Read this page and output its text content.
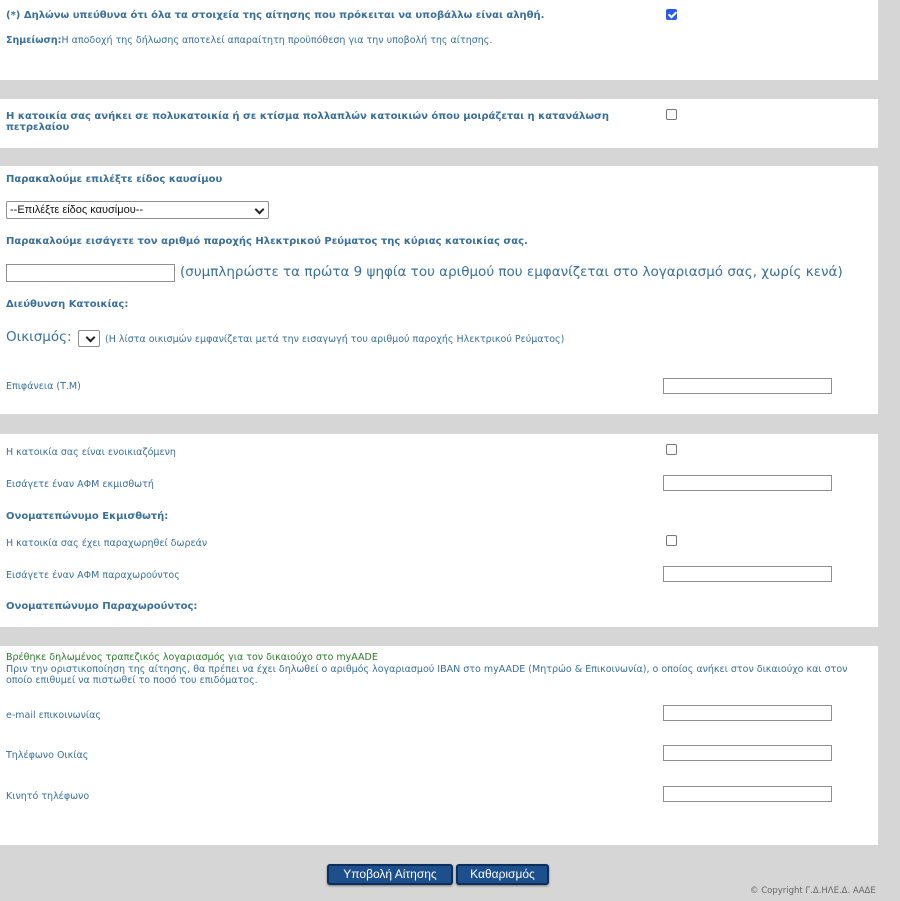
(*) Δηλώνω υπεύθυνα ότι όλα τα στοιχεία της αίτησης που πρόκειται να υποβάλλω είναι αληθή.
Σημείωση:Η αποδοχή της δήλωσης αποτελεί απαραίτητη προϋπόθεση για την υποβολή της αίτησης.
Η κατοικία σας ανήκει σε πολυκατοικία ή σε κτίσμα πολλαπλών κατοικιών όπου μοιράζεται η κατανάλωση πετρελαίου
Παρακαλούμε επιλέξτε είδος καυσίμου
--Επιλέξτε είδος καυσίμου--
Παρακαλούμε εισάγετε τον αριθμό παροχής Ηλεκτρικού Ρεύματος της κύριας κατοικίας σας.
(συμπληρώστε τα πρώτα 9 ψηφία του αριθμού που εμφανίζεται στο λογαριασμό σας, χωρίς κενά)
Διεύθυνση Κατοικίας:
Οικισμός:	(Η λίστα οικισμών εμφανίζεται μετά την εισαγωγή του αριθμού παροχής Ηλεκτρικού Ρεύματος)
Επιφάνεια (Τ.Μ)
Η κατοικία σας είναι ενοικιαζόμενη
Εισάγετε έναν ΑΦΜ εκμισθωτή
Ονοματεπώνυμο Εκμισθωτή:
Η κατοικία σας έχει παραχωρηθεί δωρεάν
Εισάγετε έναν ΑΦΜ παραχωρούντος
Ονοματεπώνυμο Παραχωρούντος:
Βρέθηκε δηλωμένος τραπεζικός λογαριασμός για τον δικαιούχο στο myAADE
Πριν την οριστικοποίηση της αίτησης, θα πρέπει να έχει δηλωθεί ο αριθμός λογαριασμού IBAN στο myAADE (Μητρώο & Επικοινωνία), ο οποίος ανήκει στον δικαιούχο και στον οποίο επιθυμεί να πιστωθεί το ποσό του επιδόματος.
e-mail επικοινωνίας
Τηλέφωνο Οικίας
Κινητό τηλέφωνο
Υποβολή Αίτησης	Καθαρισμός
© Copyright Γ.Δ.ΗΛΕ.Δ. ΑΑΔΕ
